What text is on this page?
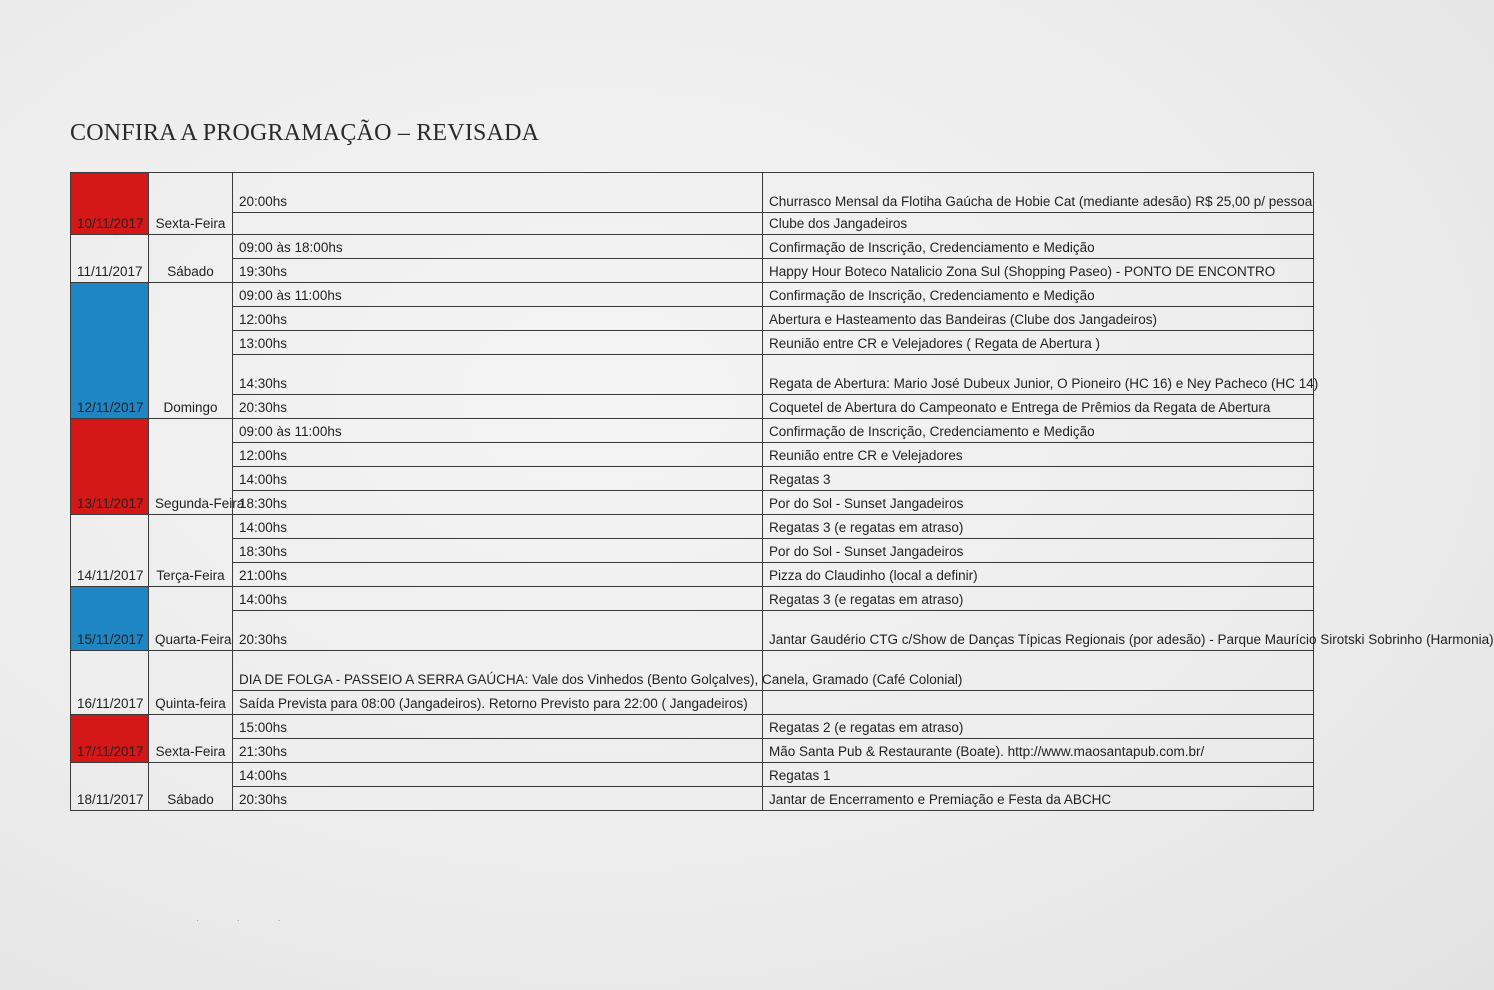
CONFIRA A PROGRAMAÇÃO – REVISADA
10/11/2017	Sexta-Feira	20:00hs	Churrasco Mensal da Flotiha Gaúcha de Hobie Cat (mediante adesão) R$ 25,00 p/ pessoa
			Clube dos Jangadeiros
11/11/2017	Sábado	09:00 às 18:00hs	Confirmação de Inscrição, Credenciamento e Medição
		19:30hs	Happy Hour Boteco Natalicio Zona Sul (Shopping Paseo) - PONTO DE ENCONTRO
12/11/2017	Domingo	09:00 às 11:00hs	Confirmação de Inscrição, Credenciamento e Medição
		12:00hs	Abertura e Hasteamento das Bandeiras (Clube dos Jangadeiros)
		13:00hs	Reunião entre CR e Velejadores ( Regata de Abertura )
		14:30hs	Regata de Abertura: Mario José Dubeux Junior, O Pioneiro (HC 16) e Ney Pacheco (HC 14)
		20:30hs	Coquetel de Abertura do Campeonato e Entrega de Prêmios da Regata de Abertura
13/11/2017	Segunda-Feira	09:00 às 11:00hs	Confirmação de Inscrição, Credenciamento e Medição
		12:00hs	Reunião entre CR e Velejadores
		14:00hs	Regatas 3
		18:30hs	Por do Sol - Sunset Jangadeiros
14/11/2017	Terça-Feira	14:00hs	Regatas 3 (e regatas em atraso)
		18:30hs	Por do Sol - Sunset Jangadeiros
		21:00hs	Pizza do Claudinho (local a definir)
15/11/2017	Quarta-Feira	14:00hs	Regatas 3 (e regatas em atraso)
		20:30hs	Jantar Gaudério CTG c/Show de Danças Típicas Regionais (por adesão) - Parque Maurício Sirotski Sobrinho (Harmonia)
16/11/2017	Quinta-feira	DIA DE FOLGA - PASSEIO A SERRA GAÚCHA: Vale dos Vinhedos (Bento Golçalves), Canela, Gramado (Café Colonial)	
		Saída Prevista para 08:00 (Jangadeiros). Retorno Previsto para 22:00 ( Jangadeiros)	
17/11/2017	Sexta-Feira	15:00hs	Regatas 2 (e regatas em atraso)
		21:30hs	Mão Santa Pub & Restaurante (Boate). http://www.maosantapub.com.br/
18/11/2017	Sábado	14:00hs	Regatas 1
		20:30hs	Jantar de Encerramento e Premiação e Festa da ABCHC
· · ·
